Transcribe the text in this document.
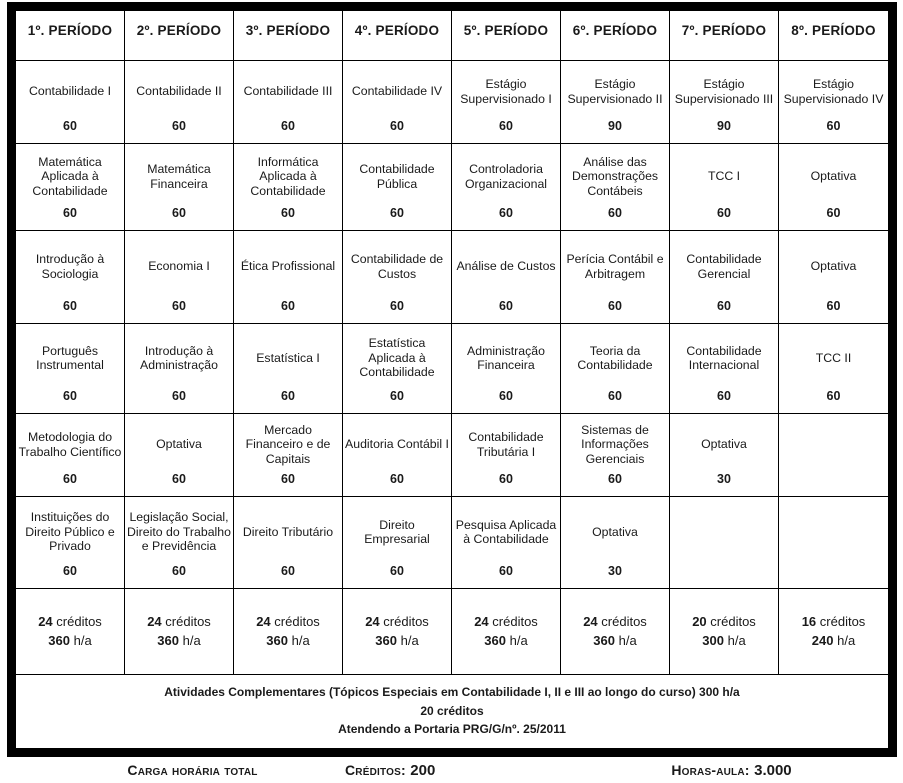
1º. PERÍODO
Contabilidade I
60
Matemática Aplicada à Contabilidade
60
Introdução à Sociologia
60
Português Instrumental
60
Metodologia do Trabalho Científico
60
Instituições do Direito Público e Privado
60
24 créditos
360 h/a
2º. PERÍODO
Contabilidade II
60
Matemática Financeira
60
Economia I
60
Introdução à Administração
60
Optativa
60
Legislação Social, Direito do Trabalho e Previdência
60
24 créditos
360 h/a
3º. PERÍODO
Contabilidade III
60
Informática Aplicada à Contabilidade
60
Ética Profissional
60
Estatística I
60
Mercado Financeiro e de Capitais
60
Direito Tributário
60
24 créditos
360 h/a
4º. PERÍODO
Contabilidade IV
60
Contabilidade Pública
60
Contabilidade de Custos
60
Estatística Aplicada à Contabilidade
60
Auditoria Contábil I
60
Direito Empresarial
60
24 créditos
360 h/a
5º. PERÍODO
Estágio Supervisionado I
60
Controladoria Organizacional
60
Análise de Custos
60
Administração Financeira
60
Contabilidade Tributária I
60
Pesquisa Aplicada à Contabilidade
60
24 créditos
360 h/a
6º. PERÍODO
Estágio Supervisionado II
90
Análise das Demonstrações Contábeis
60
Perícia Contábil e Arbitragem
60
Teoria da Contabilidade
60
Sistemas de Informações Gerenciais
60
Optativa
30
24 créditos
360 h/a
7º. PERÍODO
Estágio Supervisionado III
90
TCC I
60
Contabilidade Gerencial
60
Contabilidade Internacional
60
Optativa
30
20 créditos
300 h/a
8º. PERÍODO
Estágio Supervisionado IV
60
Optativa
60
Optativa
60
TCC II
60
16 créditos
240 h/a
Atividades Complementares (Tópicos Especiais em Contabilidade I, II e III ao longo do curso) 300 h/a
20 créditos
Atendendo a Portaria PRG/G/nº. 25/2011
Carga horária total	Créditos: 200	Horas-aula: 3.000
